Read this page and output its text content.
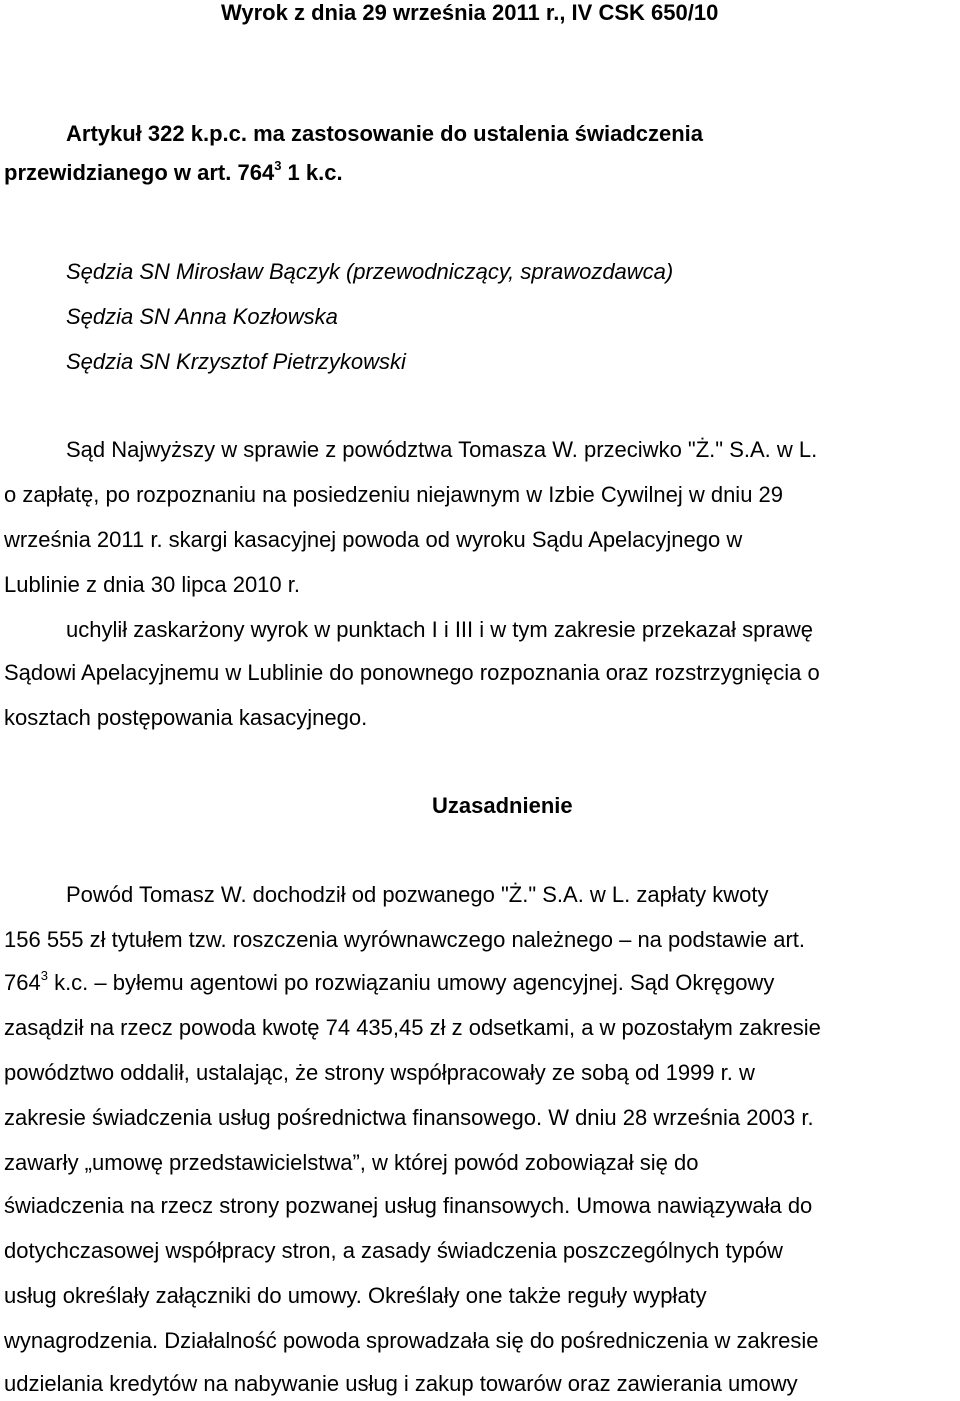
Wyrok z dnia 29 września 2011 r., IV CSK 650/10
Artykuł 322 k.p.c. ma zastosowanie do ustalenia świadczenia
przewidzianego w art. $764^3$ 1 k.c.
Sędzia SN Mirosław Bączyk (przewodniczący, sprawozdawca)
Sędzia SN Anna Kozłowska
Sędzia SN Krzysztof Pietrzykowski
Sąd Najwyższy w sprawie z powództwa Tomasza W. przeciwko "Ż." S.A. w L.
o zapłatę, po rozpoznaniu na posiedzeniu niejawnym w Izbie Cywilnej w dniu 29
września 2011 r. skargi kasacyjnej powoda od wyroku Sądu Apelacyjnego w
Lublinie z dnia 30 lipca 2010 r.
uchylił zaskarżony wyrok w punktach I i III i w tym zakresie przekazał sprawę
Sądowi Apelacyjnemu w Lublinie do ponownego rozpoznania oraz rozstrzygnięcia o
kosztach postępowania kasacyjnego.
Uzasadnienie
Powód Tomasz W. dochodził od pozwanego "Ż." S.A. w L. zapłaty kwoty
156 555 zł tytułem tzw. roszczenia wyrównawczego należnego – na podstawie art.
$764^3$ k.c. – byłemu agentowi po rozwiązaniu umowy agencyjnej. Sąd Okręgowy
zasądził na rzecz powoda kwotę 74 435,45 zł z odsetkami, a w pozostałym zakresie
powództwo oddalił, ustalając, że strony współpracowały ze sobą od 1999 r. w
zakresie świadczenia usług pośrednictwa finansowego. W dniu 28 września 2003 r.
zawarły „umowę przedstawicielstwa”, w której powód zobowiązał się do
świadczenia na rzecz strony pozwanej usług finansowych. Umowa nawiązywała do
dotychczasowej współpracy stron, a zasady świadczenia poszczególnych typów
usług określały załączniki do umowy. Określały one także reguły wypłaty
wynagrodzenia. Działalność powoda sprowadzała się do pośredniczenia w zakresie
udzielania kredytów na nabywanie usług i zakup towarów oraz zawierania umowy
